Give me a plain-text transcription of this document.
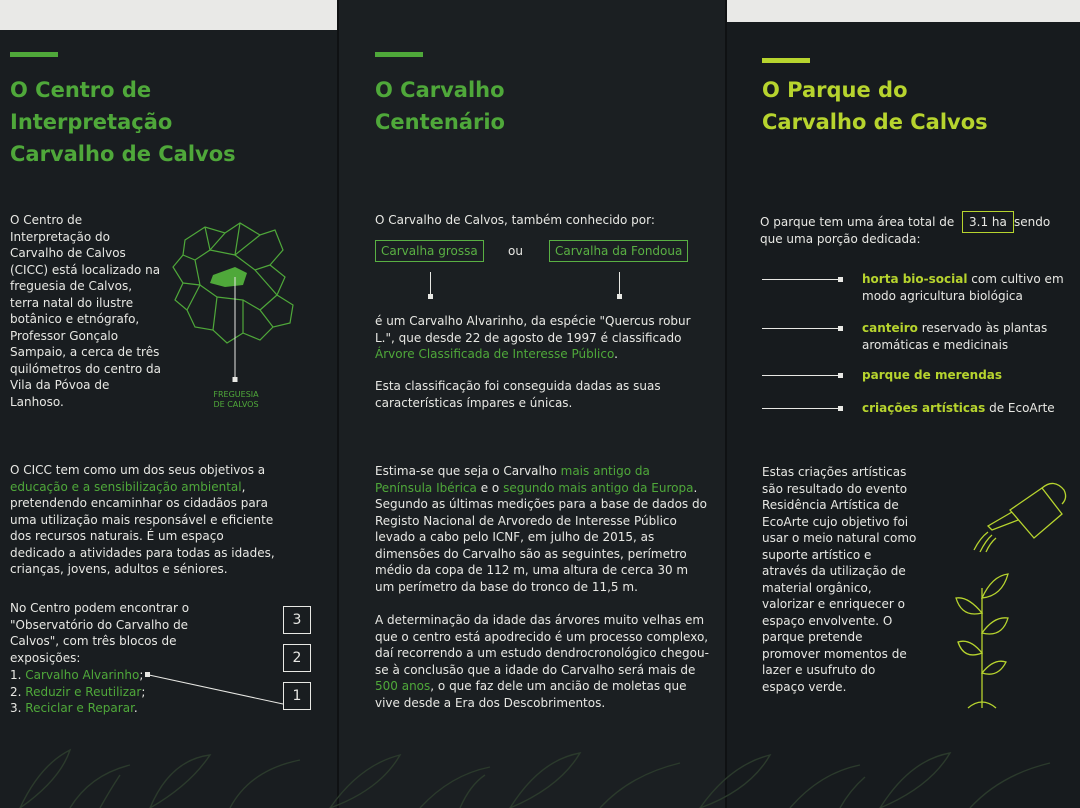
O Centro de
Interpretação
Carvalho de Calvos

O Centro de Interpretação do Carvalho de Calvos (CICC) está localizado na freguesia de Calvos, terra natal do ilustre botânico e etnógrafo, Professor Gonçalo Sampaio, a cerca de três quilómetros do centro da Vila da Póvoa de Lanhoso.	FREGUESIA
DE CALVOS

O CICC tem como um dos seus objetivos a educação e a sensibilização ambiental, pretendendo encaminhar os cidadãos para uma utilização mais responsável e eficiente dos recursos naturais. É um espaço dedicado a atividades para todas as idades, crianças, jovens, adultos e séniores.

No Centro podem encontrar o "Observatório do Carvalho de Calvos", com três blocos de exposições:

1. Carvalho Alvarinho;
2. Reduzir e Reutilizar;
3. Reciclar e Reparar.
3
2
1
O Carvalho
Centenário

O Carvalho de Calvos, também conhecido por:

Carvalha grossa	ou	Carvalha da Fondoua

é um Carvalho Alvarinho, da espécie "Quercus robur L.", que desde 22 de agosto de 1997 é classificado Árvore Classificada de Interesse Público.

Esta classificação foi conseguida dadas as suas características ímpares e únicas.

Estima-se que seja o Carvalho mais antigo da Península Ibérica e o segundo mais antigo da Europa. Segundo as últimas medições para a base de dados do Registo Nacional de Arvoredo de Interesse Público levado a cabo pelo ICNF, em julho de 2015, as dimensões do Carvalho são as seguintes, perímetro médio da copa de 112 m, uma altura de cerca 30 m um perímetro da base do tronco de 11,5 m.

A determinação da idade das árvores muito velhas em que o centro está apodrecido é um processo complexo, daí recorrendo a um estudo dendrocronológico chegou-se à conclusão que a idade do Carvalho será mais de 500 anos, o que faz dele um ancião de moletas que vive desde a Era dos Descobrimentos.

O Parque do
Carvalho de Calvos
O parque tem uma área total de	3.1 ha sendo
que uma porção dedicada:

horta bio-social com cultivo em modo agricultura biológica

canteiro reservado às plantas aromáticas e medicinais

parque de merendas

criações artísticas de EcoArte

Estas criações artísticas são resultado do evento Residência Artística de EcoArte cujo objetivo foi usar o meio natural como suporte artístico e através da utilização de material orgânico, valorizar e enriquecer o espaço envolvente. O parque pretende promover momentos de lazer e usufruto do espaço verde.
